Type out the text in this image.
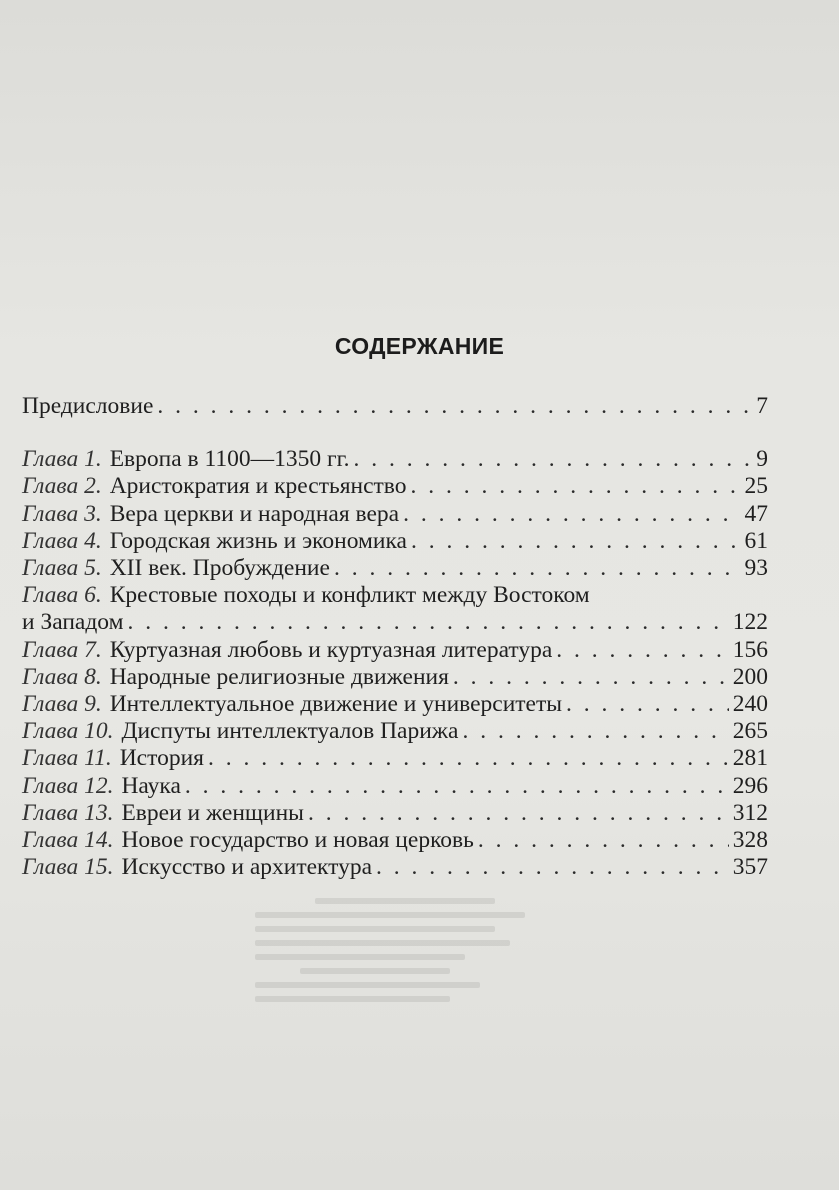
СОДЕРЖАНИЕ
Предисловие . . .	7
Глава 1. Европа в 1100—1350 гг. . . .	9
Глава 2. Аристократия и крестьянство . . .	25
Глава 3. Вера церкви и народная вера . . .	47
Глава 4. Городская жизнь и экономика . . .	61
Глава 5. XII век. Пробуждение . . .	93
Глава 6. Крестовые походы и конфликт между Востоком
и Западом . . .	122
Глава 7. Куртуазная любовь и куртуазная литература . . .	156
Глава 8. Народные религиозные движения . . .	200
Глава 9. Интеллектуальное движение и университеты . . .	240
Глава 10. Диспуты интеллектуалов Парижа . . .	265
Глава 11. История . . .	281
Глава 12. Наука . . .	296
Глава 13. Евреи и женщины . . .	312
Глава 14. Новое государство и новая церковь . . .	328
Глава 15. Искусство и архитектура . . .	357
